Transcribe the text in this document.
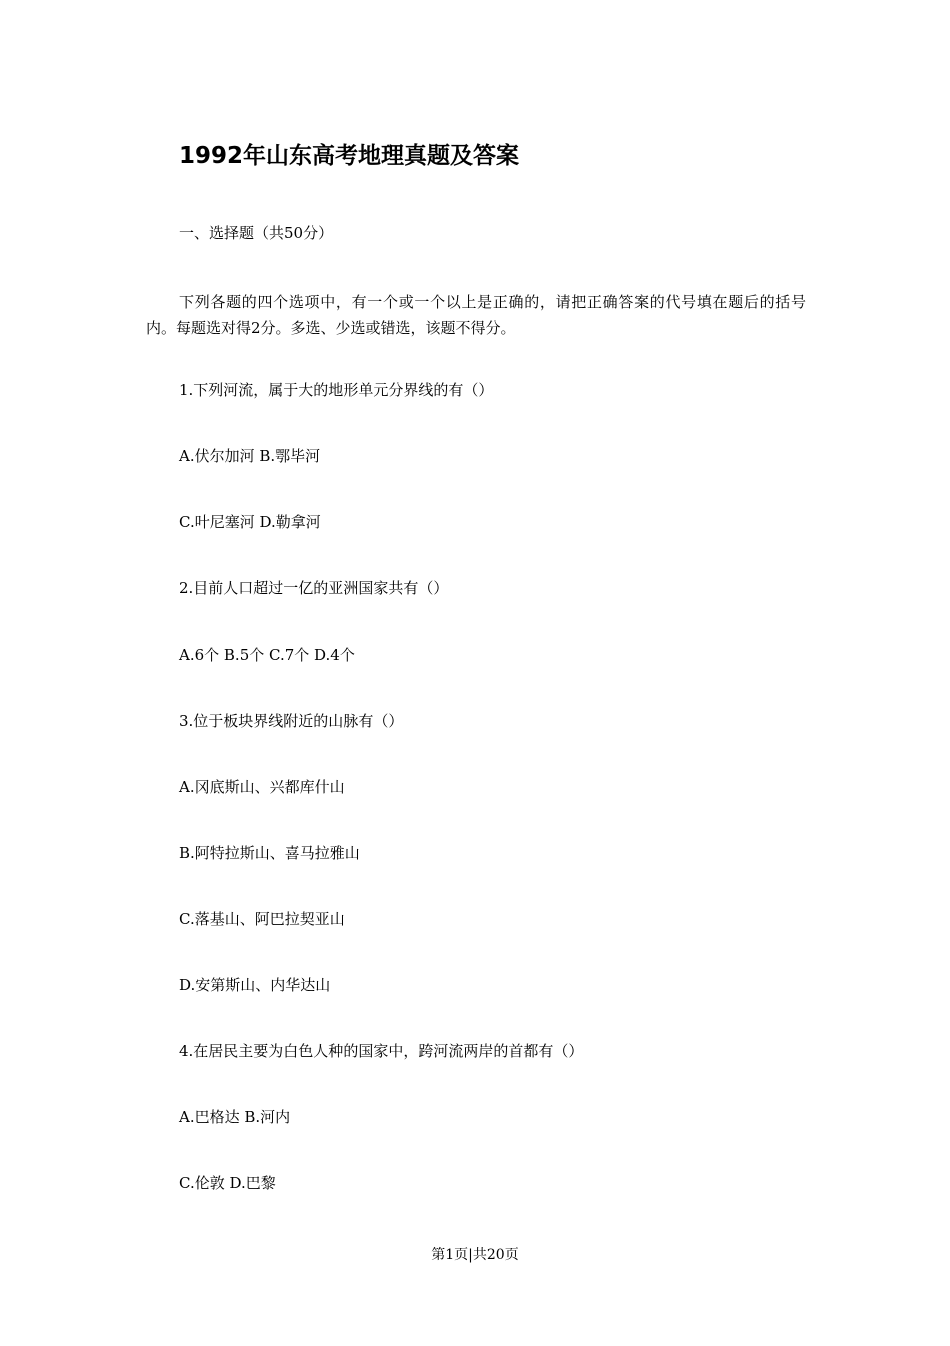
1992年山东高考地理真题及答案

一、选择题（共50分）

下列各题的四个选项中，有一个或一个以上是正确的，请把正确答案的代号填在题后的括号内。每题选对得2分。多选、少选或错选，该题不得分。

1.下列河流，属于大的地形单元分界线的有（）

A.伏尔加河 B.鄂毕河

C.叶尼塞河 D.勒拿河

2.目前人口超过一亿的亚洲国家共有（）

A.6个 B.5个 C.7个 D.4个

3.位于板块界线附近的山脉有（）

A.冈底斯山、兴都库什山

B.阿特拉斯山、喜马拉雅山

C.落基山、阿巴拉契亚山

D.安第斯山、内华达山

4.在居民主要为白色人种的国家中，跨河流两岸的首都有（）

A.巴格达 B.河内

C.伦敦 D.巴黎

第1页|共20页
